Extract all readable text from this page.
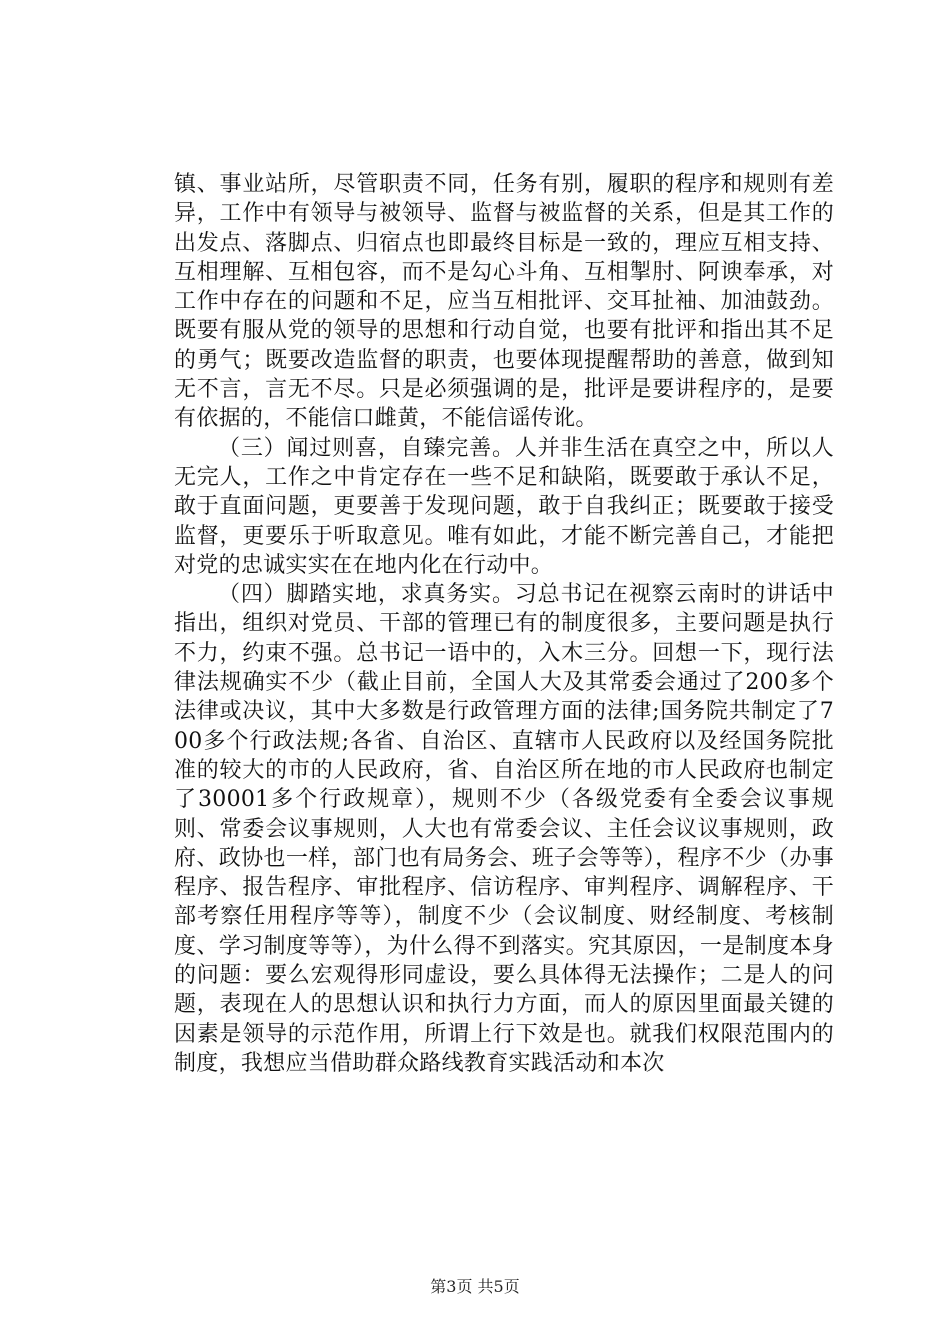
镇、事业站所，尽管职责不同，任务有别，履职的程序和规则有差异，工作中有领导与被领导、监督与被监督的关系，但是其工作的出发点、落脚点、归宿点也即最终目标是一致的，理应互相支持、互相理解、互相包容，而不是勾心斗角、互相掣肘、阿谀奉承，对工作中存在的问题和不足，应当互相批评、交耳扯袖、加油鼓劲。既要有服从党的领导的思想和行动自觉，也要有批评和指出其不足的勇气；既要改造监督的职责，也要体现提醒帮助的善意，做到知无不言，言无不尽。只是必须强调的是，批评是要讲程序的，是要有依据的，不能信口雌黄，不能信谣传讹。

（三）闻过则喜，自臻完善。人并非生活在真空之中，所以人无完人，工作之中肯定存在一些不足和缺陷，既要敢于承认不足，敢于直面问题，更要善于发现问题，敢于自我纠正；既要敢于接受监督，更要乐于听取意见。唯有如此，才能不断完善自己，才能把对党的忠诚实实在在地内化在行动中。

（四）脚踏实地，求真务实。习总书记在视察云南时的讲话中指出，组织对党员、干部的管理已有的制度很多，主要问题是执行不力，约束不强。总书记一语中的，入木三分。回想一下，现行法律法规确实不少（截止目前，全国人大及其常委会通过了200多个法律或决议，其中大多数是行政管理方面的法律;国务院共制定了700多个行政法规;各省、自治区、直辖市人民政府以及经国务院批准的较大的市的人民政府，省、自治区所在地的市人民政府也制定了30001多个行政规章），规则不少（各级党委有全委会议事规则、常委会议事规则，人大也有常委会议、主任会议议事规则，政府、政协也一样，部门也有局务会、班子会等等），程序不少（办事程序、报告程序、审批程序、信访程序、审判程序、调解程序、干部考察任用程序等等），制度不少（会议制度、财经制度、考核制度、学习制度等等），为什么得不到落实。究其原因，一是制度本身的问题：要么宏观得形同虚设，要么具体得无法操作；二是人的问题，表现在人的思想认识和执行力方面，而人的原因里面最关键的因素是领导的示范作用，所谓上行下效是也。就我们权限范围内的制度，我想应当借助群众路线教育实践活动和本次

第3页 共5页
